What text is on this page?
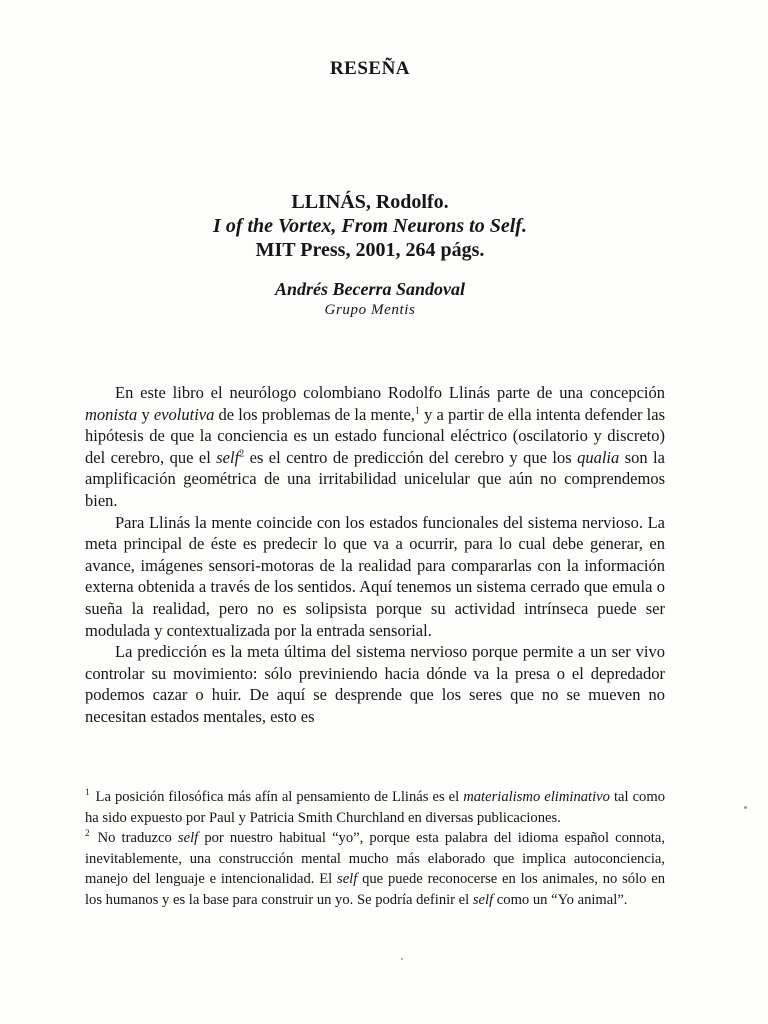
RESEÑA
LLINÁS, Rodolfo.
I of the Vortex, From Neurons to Self.
MIT Press, 2001, 264 págs.
Andrés Becerra Sandoval
Grupo Mentis

En este libro el neurólogo colombiano Rodolfo Llinás parte de una concepción monista y evolutiva de los problemas de la mente,$^1$ y a partir de ella intenta defender las hipótesis de que la conciencia es un estado funcional eléctrico (oscilatorio y discreto) del cerebro, que el self$^2$ es el centro de predicción del cerebro y que los qualia son la amplificación geométrica de una irritabilidad unicelular que aún no comprendemos bien.

Para Llinás la mente coincide con los estados funcionales del sistema nervioso. La meta principal de éste es predecir lo que va a ocurrir, para lo cual debe generar, en avance, imágenes sensori-motoras de la realidad para compararlas con la información externa obtenida a través de los sentidos. Aquí tenemos un sistema cerrado que emula o sueña la realidad, pero no es solipsista porque su actividad intrínseca puede ser modulada y contextualizada por la entrada sensorial.

La predicción es la meta última del sistema nervioso porque permite a un ser vivo controlar su movimiento: sólo previniendo hacia dónde va la presa o el depredador podemos cazar o huir. De aquí se desprende que los seres que no se mueven no necesitan estados mentales, esto es

$^1$ La posición filosófica más afín al pensamiento de Llinás es el materialismo eliminativo tal como ha sido expuesto por Paul y Patricia Smith Churchland en diversas publicaciones.

$^2$ No traduzco self por nuestro habitual “yo”, porque esta palabra del idioma español connota, inevitablemente, una construcción mental mucho más elaborado que implica autoconciencia, manejo del lenguaje e intencionalidad. El self que puede reconocerse en los animales, no sólo en los humanos y es la base para construir un yo. Se podría definir el self como un “Yo animal”.
